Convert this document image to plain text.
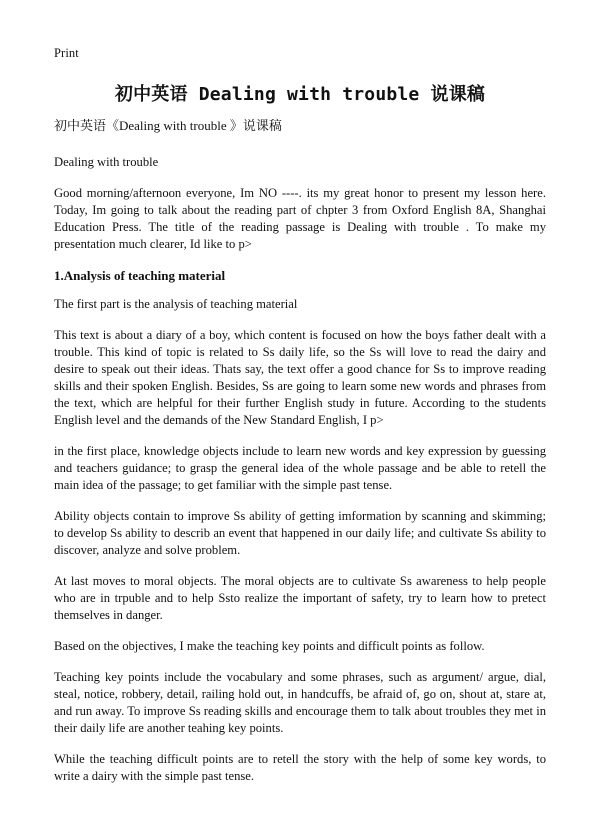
Print
初中英语 Dealing with trouble 说课稿

初中英语《Dealing with trouble 》说课稿

Dealing with trouble

Good morning/afternoon everyone, Im NO ----. its my great honor to present my lesson here. Today, Im going to talk about the reading part of chpter 3 from Oxford English 8A, Shanghai Education Press. The title of the reading passage is Dealing with trouble . To make my presentation much clearer, Id like to p>

1.Analysis of teaching material

The first part is the analysis of teaching material

This text is about a diary of a boy, which content is focused on how the boys father dealt with a trouble. This kind of topic is related to Ss daily life, so the Ss will love to read the dairy and desire to speak out their ideas. Thats say, the text offer a good chance for Ss to improve reading skills and their spoken English. Besides, Ss are going to learn some new words and phrases from the text, which are helpful for their further English study in future. According to the students English level and the demands of the New Standard English, I p>

in the first place, knowledge objects include to learn new words and key expression by guessing and teachers guidance; to grasp the general idea of the whole passage and be able to retell the main idea of the passage; to get familiar with the simple past tense.

Ability objects contain to improve Ss ability of getting imformation by scanning and skimming; to develop Ss ability to describ an event that happened in our daily life; and cultivate Ss ability to discover, analyze and solve problem.

At last moves to moral objects. The moral objects are to cultivate Ss awareness to help people who are in trpuble and to help Ssto realize the important of safety, try to learn how to pretect themselves in danger.

Based on the objectives, I make the teaching key points and difficult points as follow.

Teaching key points include the vocabulary and some phrases, such as argument/ argue, dial, steal, notice, robbery, detail, railing hold out, in handcuffs, be afraid of, go on, shout at, stare at, and run away. To improve Ss reading skills and encourage them to talk about troubles they met in their daily life are another teahing key points.

While the teaching difficult points are to retell the story with the help of some key words, to write a dairy with the simple past tense.
